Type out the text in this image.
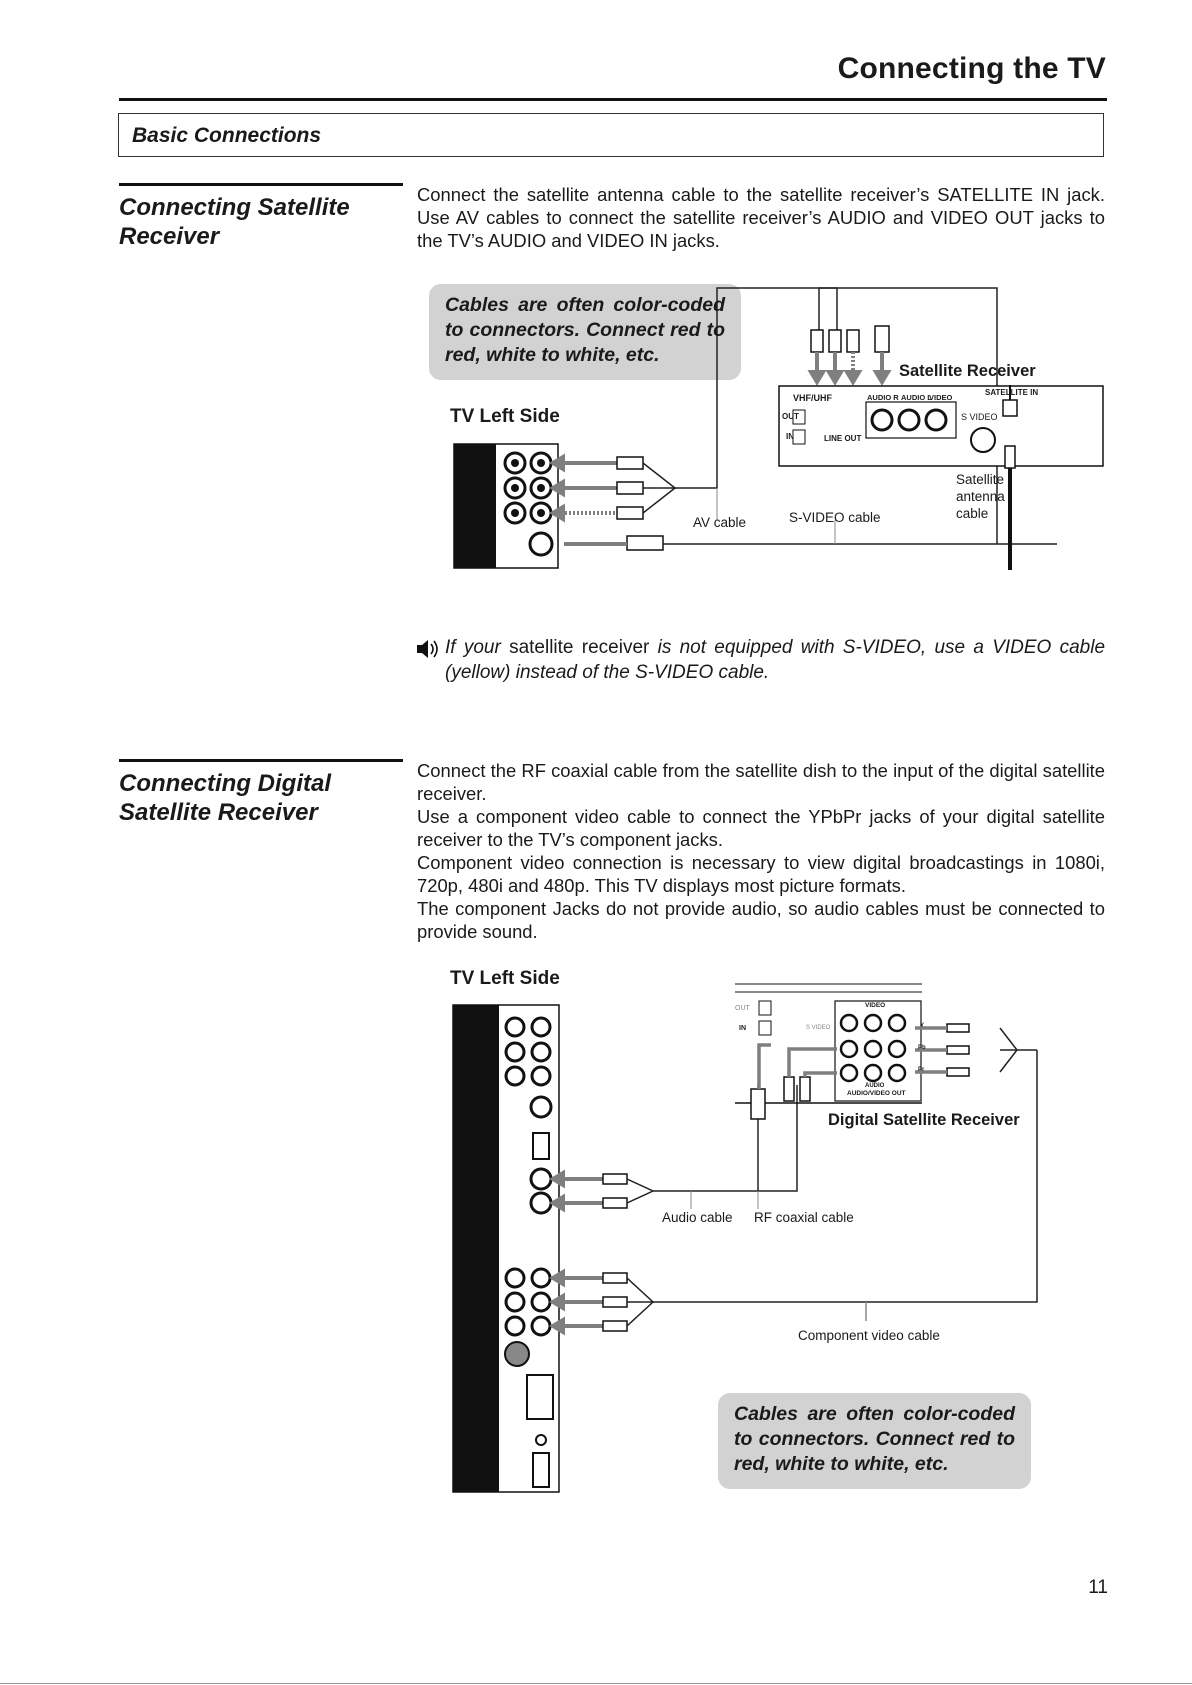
Connecting the TV
Basic Connections
Connecting Satellite Receiver

Connect the satellite antenna cable to the satellite receiver’s SATELLITE IN jack. Use AV cables to connect the satellite receiver’s AUDIO and VIDEO OUT jacks to the TV’s AUDIO and VIDEO IN jacks.

Cables are often color-coded to connectors. Connect red to red, white to white, etc.
TV Left Side
Satellite Receiver
VHF/UHF
OUT
IN	LINE OUT
AUDIO R AUDIO L
VIDEO
S VIDEO
SATELLITE IN
AV cable	S-VIDEO cable
Satellite
antenna
cable
If your satellite receiver is not equipped with S-VIDEO, use a VIDEO cable (yellow) instead of the S-VIDEO cable.
Connecting Digital Satellite Receiver

Connect the RF coaxial cable from the satellite dish to the input of the digital satellite receiver.

Use a component video cable to connect the YPbPr jacks of your digital satellite receiver to the TV’s component jacks.

Component video connection is necessary to view digital broadcastings in 1080i, 720p, 480i and 480p. This TV displays most picture formats.

The component Jacks do not provide audio, so audio cables must be connected to provide sound.

TV Left Side
Digital Satellite Receiver
Audio cable RF coaxial cable
Component video cable
OUT
IN
VIDEO
S VIDEO
AUDIO
AUDIO/VIDEO OUT
Y
Pb
Pr
Cables are often color-coded to connectors. Connect red to red, white to white, etc.
11
